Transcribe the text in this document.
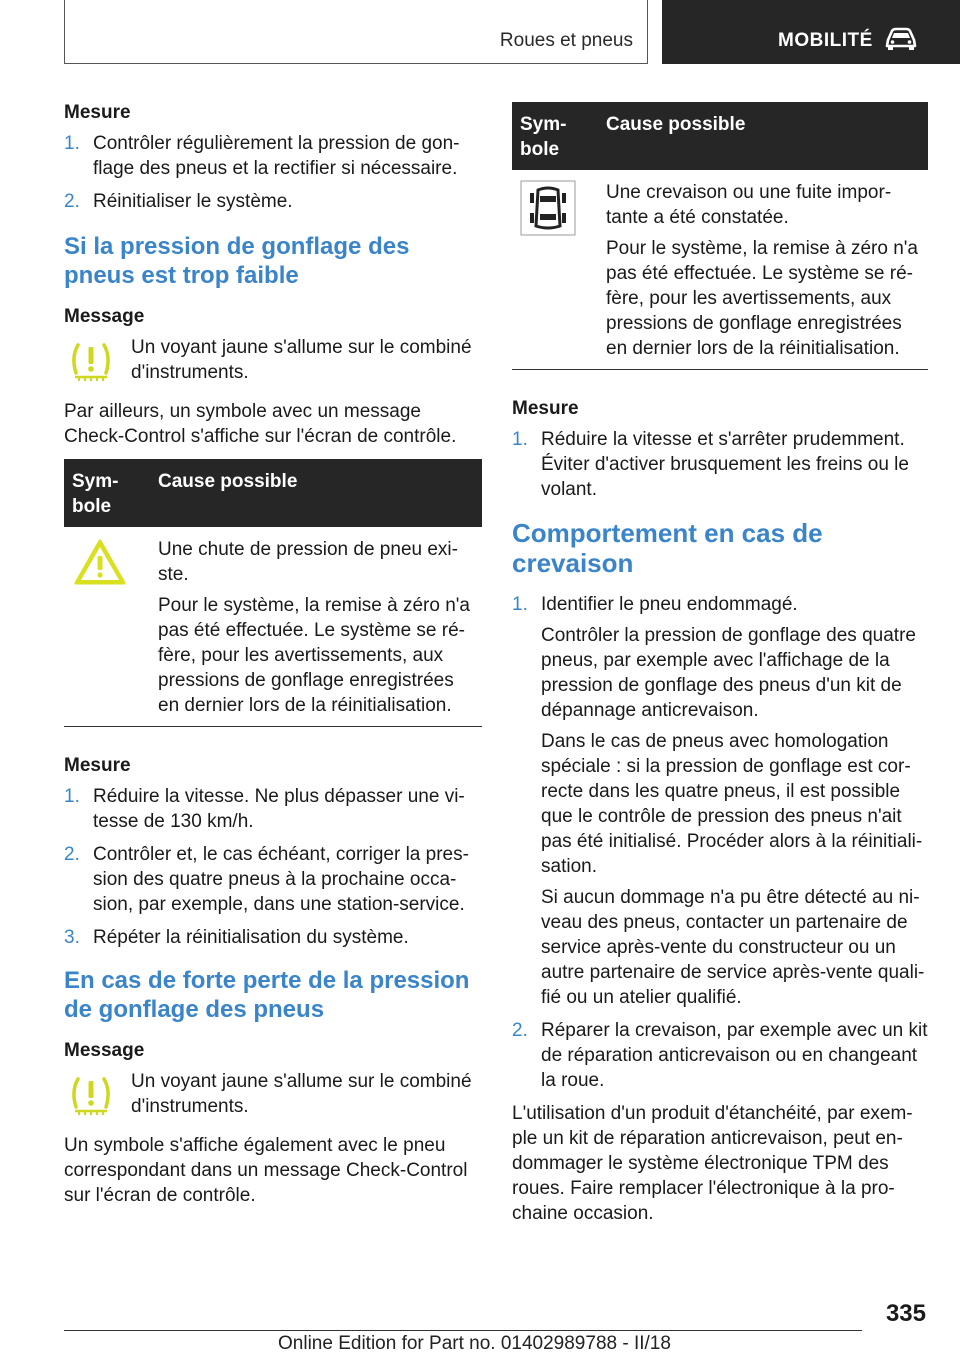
Roues et pneus	MOBILITÉ

Mesure

1. Contrôler régulièrement la pression de gon-flage des pneus et la rectifier si nécessaire.

2. Réinitialiser le système.

Si la pression de gonflage des pneus est trop faible

Message

Un voyant jaune s'allume sur le combiné d'instruments.

Par ailleurs, un symbole avec un message Check-Control s'affiche sur l'écran de contrôle.

Sym-bole	Cause possible

Une chute de pression de pneu exi-ste.

Pour le système, la remise à zéro n'a pas été effectuée. Le système se ré-fère, pour les avertissements, aux pressions de gonflage enregistrées en dernier lors de la réinitialisation.

Mesure

1. Réduire la vitesse. Ne plus dépasser une vi-tesse de 130 km/h.

2. Contrôler et, le cas échéant, corriger la pres-sion des quatre pneus à la prochaine occa-sion, par exemple, dans une station-service.

3. Répéter la réinitialisation du système.

En cas de forte perte de la pression de gonflage des pneus

Message

Un voyant jaune s'allume sur le combiné d'instruments.

Un symbole s'affiche également avec le pneu correspondant dans un message Check-Control sur l'écran de contrôle.

Sym-bole	Cause possible

Une crevaison ou une fuite impor-tante a été constatée.

Pour le système, la remise à zéro n'a pas été effectuée. Le système se ré-fère, pour les avertissements, aux pressions de gonflage enregistrées en dernier lors de la réinitialisation.

Mesure

1. Réduire la vitesse et s'arrêter prudemment. Éviter d'activer brusquement les freins ou le volant.

Comportement en cas de crevaison
1. Identifier le pneu endommagé.

Contrôler la pression de gonflage des quatre pneus, par exemple avec l'affichage de la pression de gonflage des pneus d'un kit de dépannage anticrevaison.

Dans le cas de pneus avec homologation spéciale : si la pression de gonflage est cor-recte dans les quatre pneus, il est possible que le contrôle de pression des pneus n'ait pas été initialisé. Procéder alors à la réinitiali-sation.

Si aucun dommage n'a pu être détecté au ni-veau des pneus, contacter un partenaire de service après-vente du constructeur ou un autre partenaire de service après-vente quali-fié ou un atelier qualifié.

2. Réparer la crevaison, par exemple avec un kit de réparation anticrevaison ou en changeant la roue.

L'utilisation d'un produit d'étanchéité, par exem-ple un kit de réparation anticrevaison, peut en-dommager le système électronique TPM des roues. Faire remplacer l'électronique à la pro-chaine occasion.

335
Online Edition for Part no. 01402989788 - II/18
